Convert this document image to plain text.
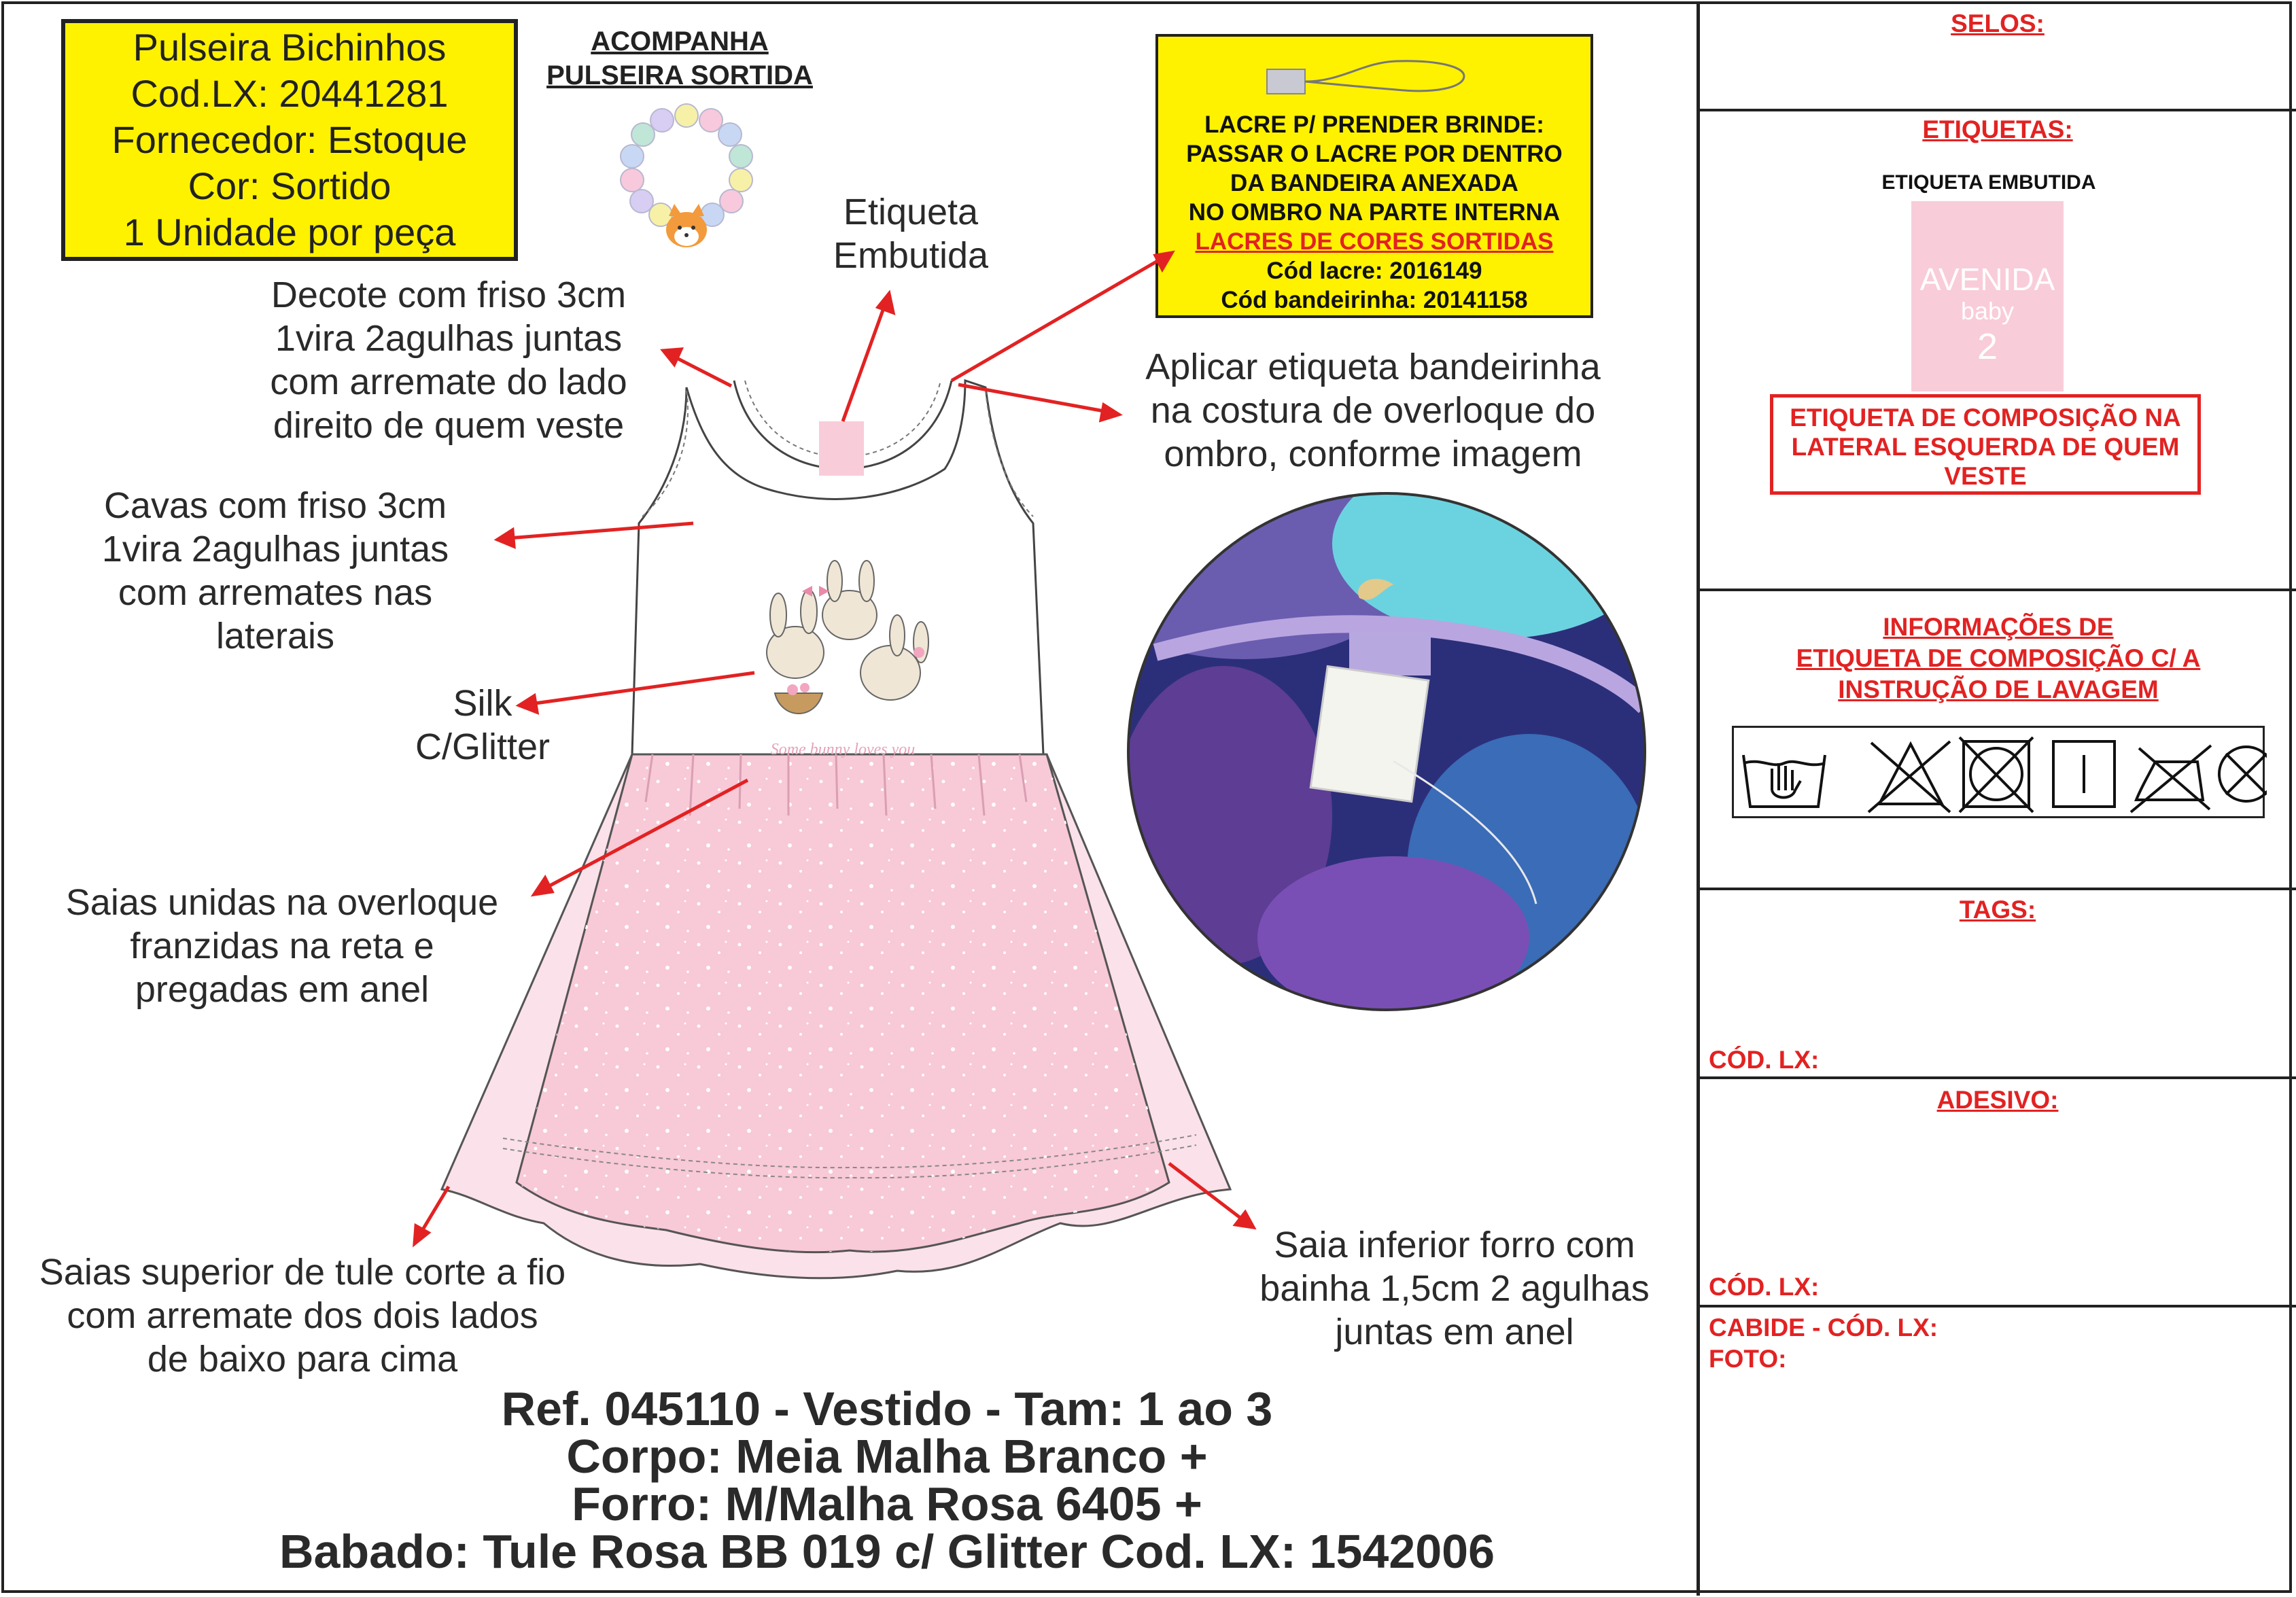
Pulseira Bichinhos
Cod.LX: 20441281
Fornecedor: Estoque
Cor: Sortido
1 Unidade por peça
ACOMPANHA
PULSEIRA SORTIDA
LACRE P/ PRENDER BRINDE:
PASSAR O LACRE POR DENTRO
DA BANDEIRA ANEXADA
NO OMBRO NA PARTE INTERNA
LACRES DE CORES SORTIDAS
Cód lacre: 2016149
Cód bandeirinha: 20141158
Etiqueta
Embutida
Decote com friso 3cm
1vira 2agulhas juntas
com arremate do lado
direito de quem veste
Aplicar etiqueta bandeirinha
na costura de overloque do
ombro, conforme imagem
Cavas com friso 3cm
1vira 2agulhas juntas
com arremates nas
laterais
Silk
C/Glitter
Saias unidas na overloque
franzidas na reta e
pregadas em anel
Saias superior de tule corte a fio
com arremate dos dois lados
de baixo para cima
Saia inferior forro com
bainha 1,5cm 2 agulhas
juntas em anel
Some bunny loves you
Ref. 045110 - Vestido - Tam: 1 ao 3
Corpo: Meia Malha Branco +
Forro: M/Malha Rosa 6405 +
Babado: Tule Rosa BB 019 c/ Glitter Cod. LX: 1542006
SELOS:
ETIQUETAS:
ETIQUETA EMBUTIDA
AVENIDA
baby
2
ETIQUETA DE COMPOSIÇÃO NA
LATERAL ESQUERDA DE QUEM
VESTE
INFORMAÇÕES DE
ETIQUETA DE COMPOSIÇÃO C/ A
INSTRUÇÃO DE LAVAGEM
TAGS:
CÓD. LX:
ADESIVO:
CÓD. LX:
CABIDE - CÓD. LX:
FOTO:
